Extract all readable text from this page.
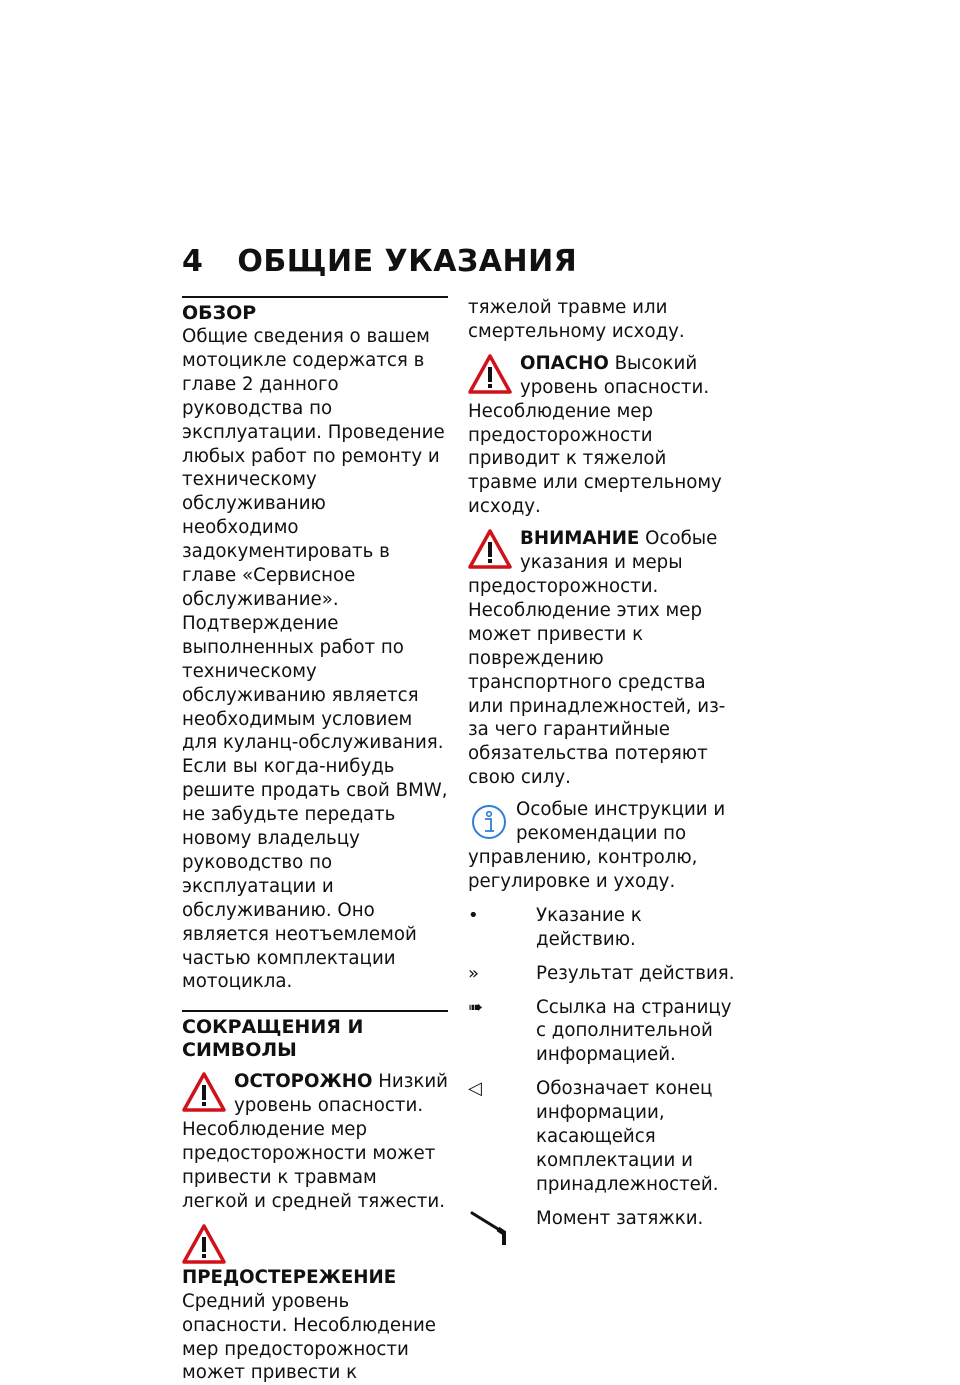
4 ОБЩИЕ УКАЗАНИЯ
ОБЗОР

Общие сведения о вашем мотоцикле содержатся в главе 2 данного руководства по эксплуатации. Проведение любых работ по ремонту и техническому обслуживанию необходимо задокументировать в главе «Сервисное обслуживание». Подтверждение выполненных работ по техническому обслуживанию является необходимым условием для куланц-обслуживания.

Если вы когда-нибудь решите продать свой BMW, не забудьте передать новому владельцу руководство по эксплуатации и обслуживанию. Оно является неотъемлемой частью комплектации мотоцикла.

СОКРАЩЕНИЯ И СИМВОЛЫ

ОСТОРОЖНО Низкий уровень опасности. Несоблюдение мер предосторожности может привести к травмам легкой и средней тяжести.

ПРЕДОСТЕРЕЖЕНИЕ Средний уровень опасности. Несоблюдение мер предосторожности может привести к

тяжелой травме или смертельному исходу.

ОПАСНО Высокий уровень опасности. Несоблюдение мер предосторожности приводит к тяжелой травме или смертельному исходу.

ВНИМАНИЕ Особые указания и меры предосторожности. Несоблюдение этих мер может привести к повреждению транспортного средства или принадлежностей, из-за чего гарантийные обязательства потеряют свою силу.

Особые инструкции и рекомендации по управлению, контролю, регулировке и уходу.

•	Указание к действию.
»	Результат действия.
➠	Ссылка на страницу с дополнительной информацией.
◁	Обозначает конец информации, касающейся комплектации и принадлежностей.
Момент затяжки.
